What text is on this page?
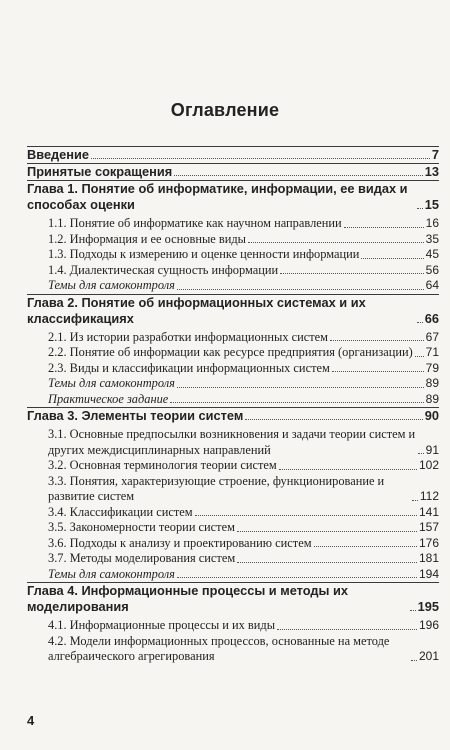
Оглавление
Введение	7
Принятые сокращения	13
Глава 1. Понятие об информатике, информации, ее видах и способах оценки	15
1.1. Понятие об информатике как научном направлении	16
1.2. Информация и ее основные виды	35
1.3. Подходы к измерению и оценке ценности информации	45
1.4. Диалектическая сущность информации	56
Темы для самоконтроля	64
Глава 2. Понятие об информационных системах и их классификациях	66
2.1. Из истории разработки информационных систем	67
2.2. Понятие об информации как ресурсе предприятия (организации) 71
2.3. Виды и классификации информационных систем	79
Темы для самоконтроля	89
Практическое задание	89
Глава 3. Элементы теории систем	90
3.1. Основные предпосылки возникновения и задачи теории систем и других междисциплинарных направлений	91
3.2. Основная терминология теории систем	102
3.3. Понятия, характеризующие строение, функционирование и развитие систем	112
3.4. Классификации систем	141
3.5. Закономерности теории систем	157
3.6. Подходы к анализу и проектированию систем	176
3.7. Методы моделирования систем	181
Темы для самоконтроля	194
Глава 4. Информационные процессы и методы их моделирования	195
4.1. Информационные процессы и их виды	196
4.2. Модели информационных процессов, основанные на методе алгебраического агрегирования	201
4
